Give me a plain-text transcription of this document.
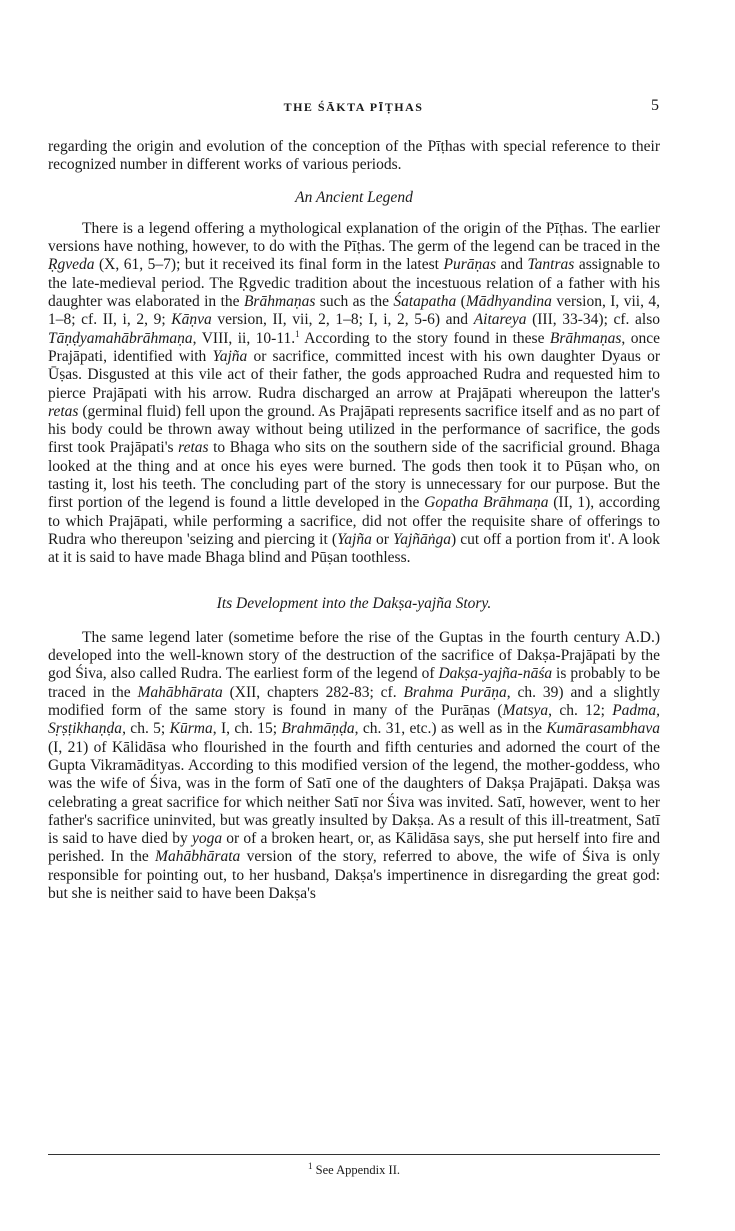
THE ŚĀKTA PĪṬHAS	5

regarding the origin and evolution of the conception of the Pīṭhas with special reference to their recognized number in different works of various periods.

An Ancient Legend

There is a legend offering a mythological explanation of the origin of the Pīṭhas. The earlier versions have nothing, however, to do with the Pīṭhas. The germ of the legend can be traced in the Ṛgveda (X, 61, 5–7); but it received its final form in the latest Purāṇas and Tantras assignable to the late-medieval period. The Ṛgvedic tradition about the incestuous relation of a father with his daughter was elaborated in the Brāhmaṇas such as the Śatapatha (Mādhyandina version, I, vii, 4, 1–8; cf. II, i, 2, 9; Kāṇva version, II, vii, 2, 1–8; I, i, 2, 5-6) and Aitareya (III, 33-34); cf. also Tāṇḍyamahābrāhmaṇa, VIII, ii, 10-11.$^1$ According to the story found in these Brāhmaṇas, once Prajāpati, identified with Yajña or sacrifice, committed incest with his own daughter Dyaus or Ūṣas. Disgusted at this vile act of their father, the gods approached Rudra and requested him to pierce Prajāpati with his arrow. Rudra discharged an arrow at Prajāpati whereupon the latter's retas (germinal fluid) fell upon the ground. As Prajāpati represents sacrifice itself and as no part of his body could be thrown away without being utilized in the performance of sacrifice, the gods first took Prajāpati's retas to Bhaga who sits on the southern side of the sacrificial ground. Bhaga looked at the thing and at once his eyes were burned. The gods then took it to Pūṣan who, on tasting it, lost his teeth. The concluding part of the story is unnecessary for our purpose. But the first portion of the legend is found a little developed in the Gopatha Brāhmaṇa (II, 1), according to which Prajāpati, while performing a sacrifice, did not offer the requisite share of offerings to Rudra who thereupon 'seizing and piercing it (Yajña or Yajñāṅga) cut off a portion from it'. A look at it is said to have made Bhaga blind and Pūṣan toothless.

Its Development into the Dakṣa-yajña Story.

The same legend later (sometime before the rise of the Guptas in the fourth century A.D.) developed into the well-known story of the destruction of the sacrifice of Dakṣa-Prajāpati by the god Śiva, also called Rudra. The earliest form of the legend of Dakṣa-yajña-nāśa is probably to be traced in the Mahābhārata (XII, chapters 282-83; cf. Brahma Purāṇa, ch. 39) and a slightly modified form of the same story is found in many of the Purāṇas (Matsya, ch. 12; Padma, Sṛṣṭikhaṇḍa, ch. 5; Kūrma, I, ch. 15; Brahmāṇḍa, ch. 31, etc.) as well as in the Kumārasambhava (I, 21) of Kālidāsa who flourished in the fourth and fifth centuries and adorned the court of the Gupta Vikramādityas. According to this modified version of the legend, the mother-goddess, who was the wife of Śiva, was in the form of Satī one of the daughters of Dakṣa Prajāpati. Dakṣa was celebrating a great sacrifice for which neither Satī nor Śiva was invited. Satī, however, went to her father's sacrifice uninvited, but was greatly insulted by Dakṣa. As a result of this ill-treatment, Satī is said to have died by yoga or of a broken heart, or, as Kālidāsa says, she put herself into fire and perished. In the Mahābhārata version of the story, referred to above, the wife of Śiva is only responsible for pointing out, to her husband, Dakṣa's impertinence in disregarding the great god: but she is neither said to have been Dakṣa's

$^1$ See Appendix II.
